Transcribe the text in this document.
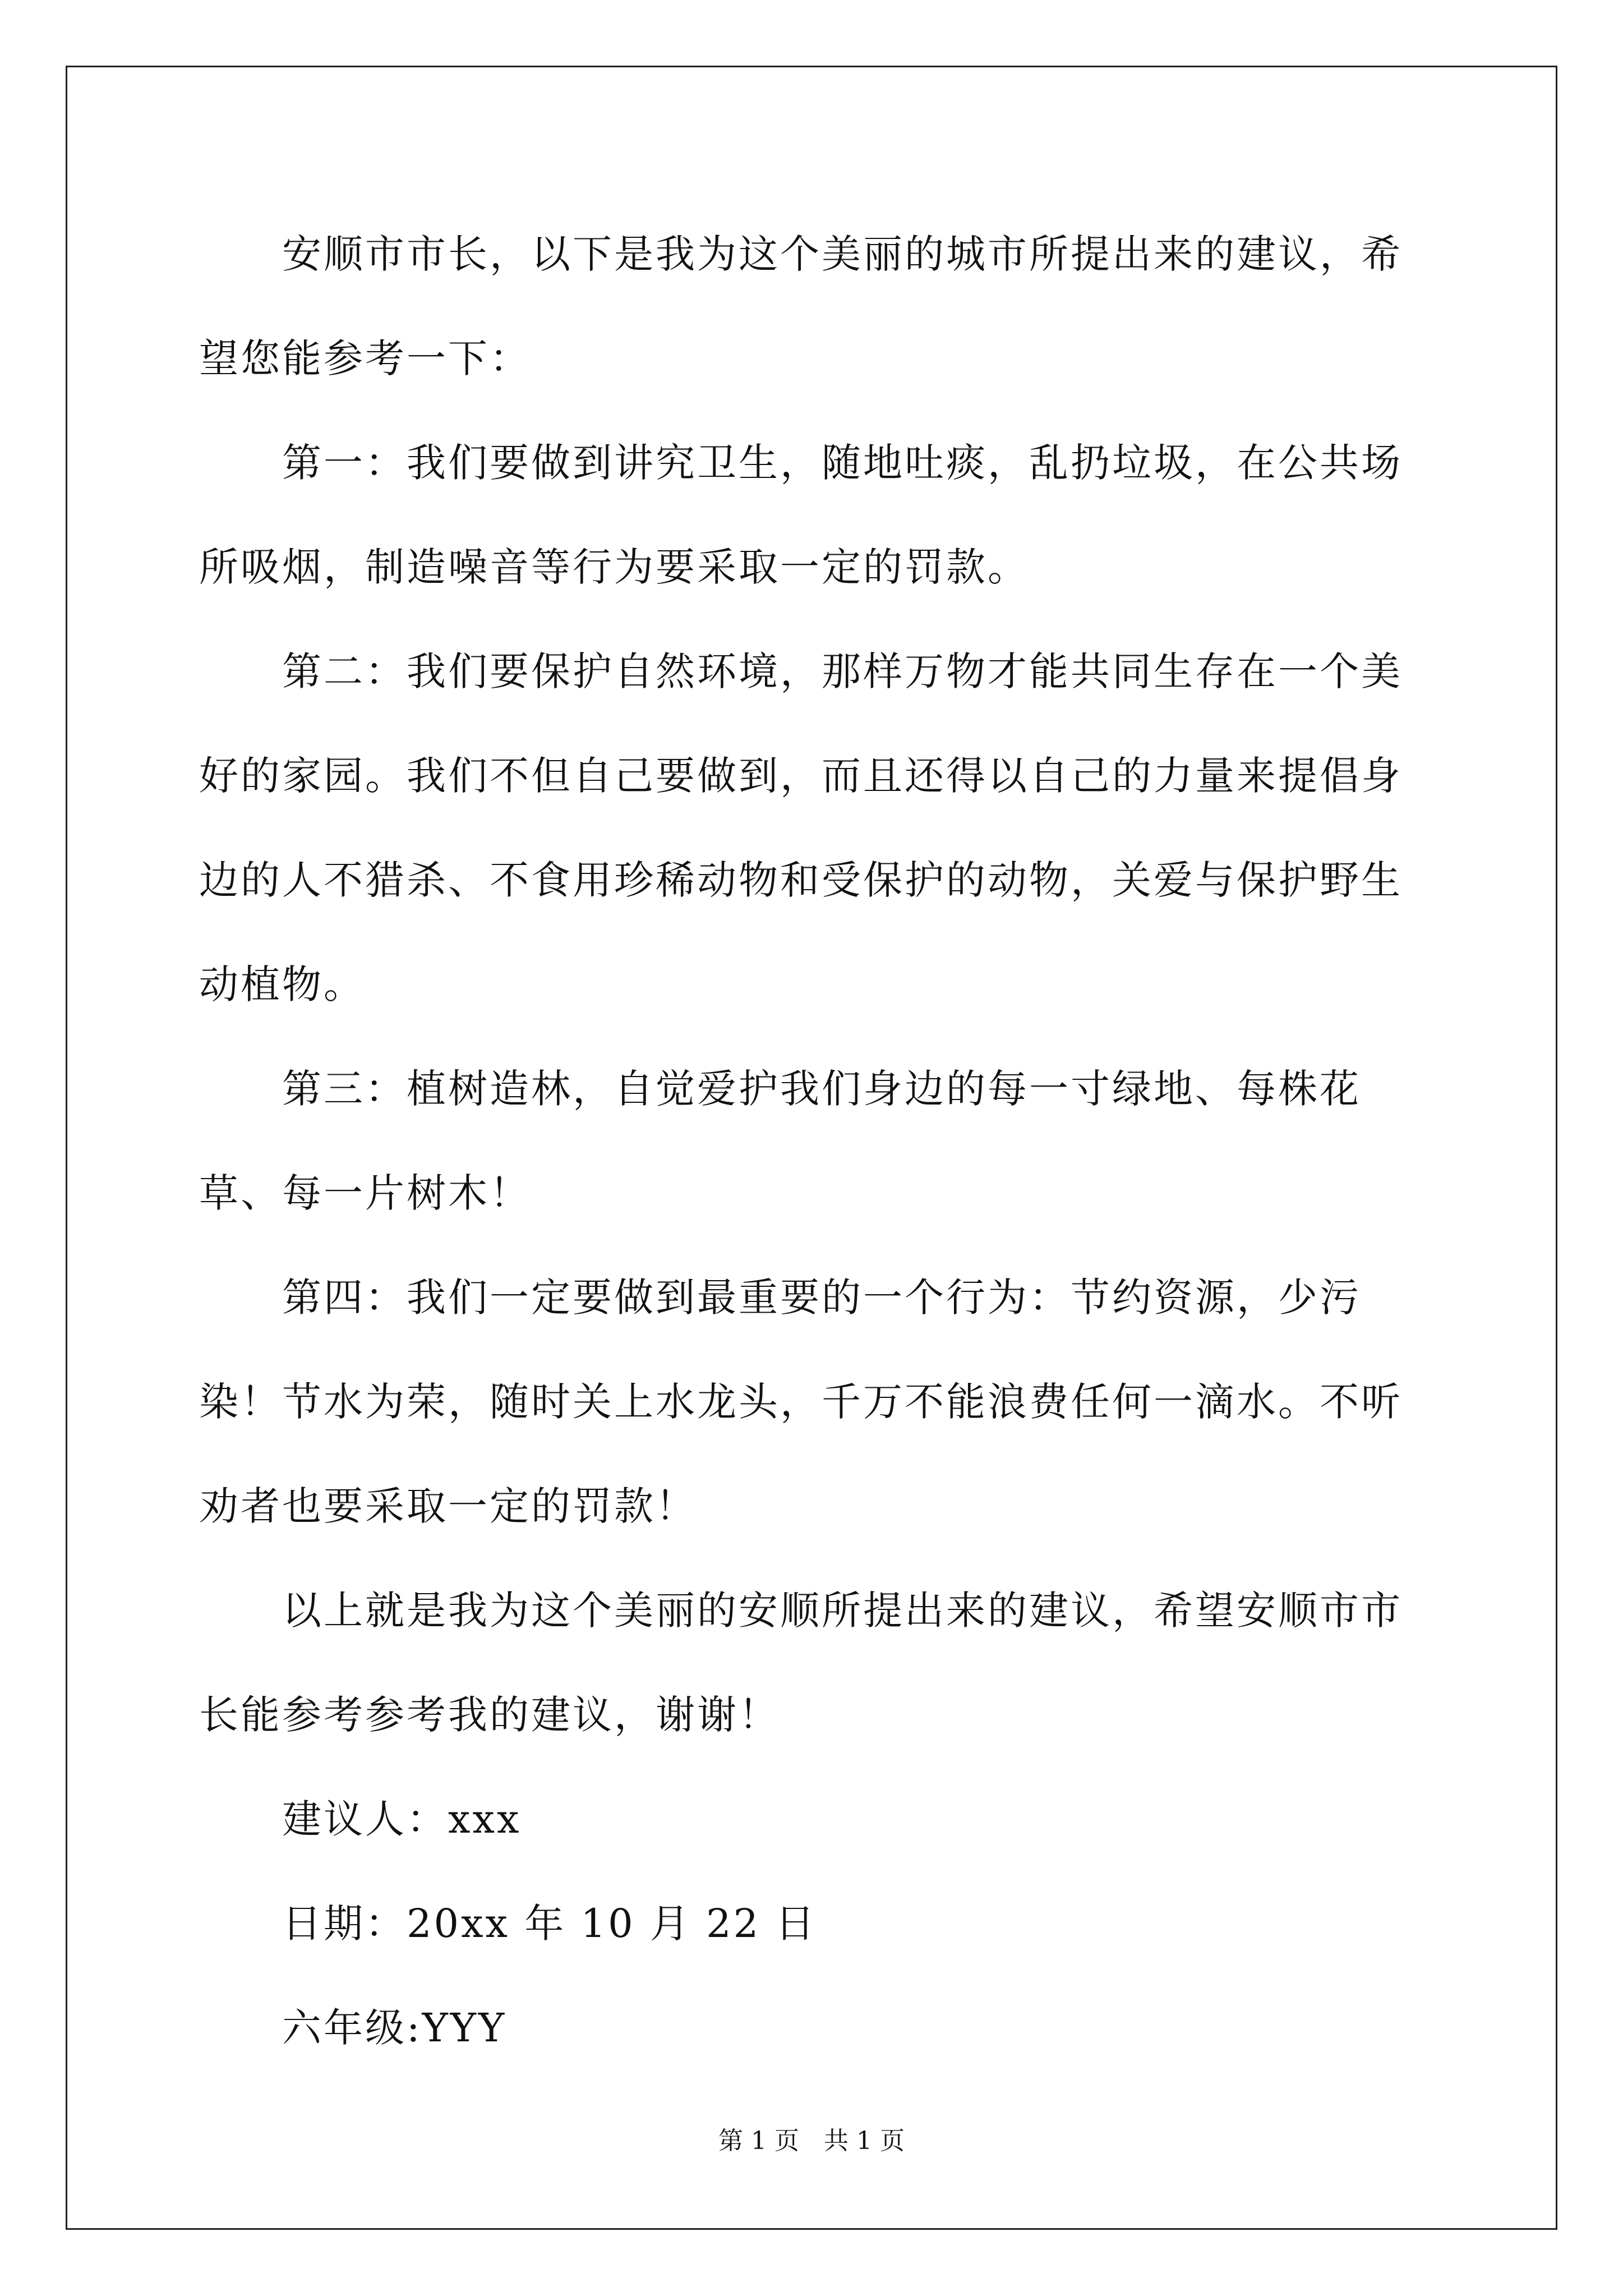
安顺市市长，以下是我为这个美丽的城市所提出来的建议，希望您能参考一下：

第一：我们要做到讲究卫生，随地吐痰，乱扔垃圾，在公共场所吸烟，制造噪音等行为要采取一定的罚款。

第二：我们要保护自然环境，那样万物才能共同生存在一个美好的家园。我们不但自己要做到，而且还得以自己的力量来提倡身边的人不猎杀、不食用珍稀动物和受保护的动物，关爱与保护野生动植物。

第三：植树造林，自觉爱护我们身边的每一寸绿地、每株花草、每一片树木！

第四：我们一定要做到最重要的一个行为：节约资源，少污染！节水为荣，随时关上水龙头，千万不能浪费任何一滴水。不听劝者也要采取一定的罚款！

以上就是我为这个美丽的安顺所提出来的建议，希望安顺市市长能参考参考我的建议，谢谢！

建议人：xxx

日期：20xx 年 10 月 22 日

六年级:YYY

第 1 页　共 1 页
